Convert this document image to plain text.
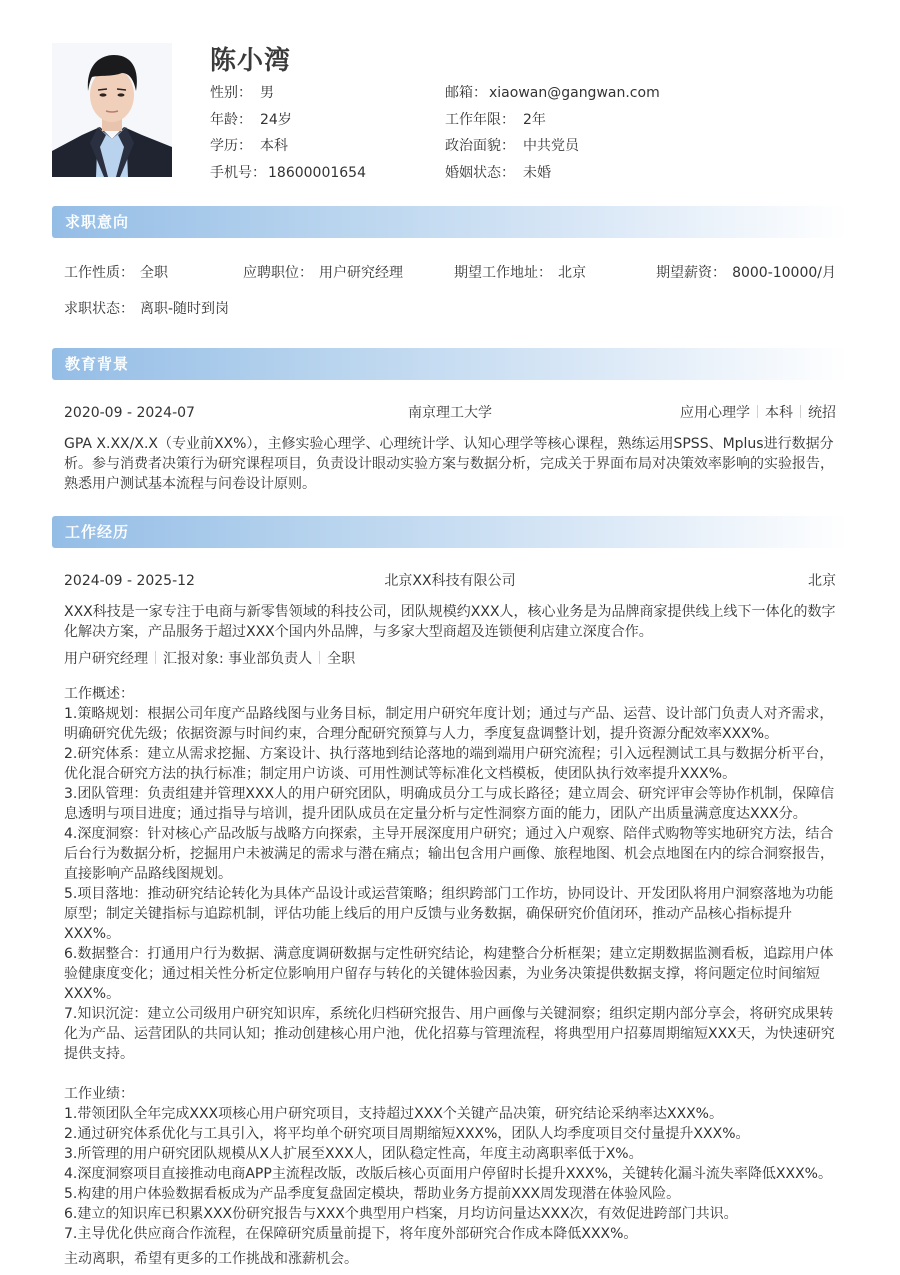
陈小湾
性别： 男
年龄： 24岁
学历： 本科
手机号： 18600001654
邮箱： xiaowan@gangwan.com
工作年限： 2年
政治面貌： 中共党员
婚姻状态： 未婚
求职意向
工作性质： 全职	应聘职位： 用户研究经理	期望工作地址： 北京	期望薪资： 8000-10000/月
求职状态： 离职-随时到岗
教育背景
2020-09 - 2024-07	南京理工大学	应用心理学 本科 统招
GPA X.XX/X.X（专业前XX%），主修实验心理学、心理统计学、认知心理学等核心课程，熟练运用SPSS、Mplus进行数据分
析。参与消费者决策行为研究课程项目，负责设计眼动实验方案与数据分析，完成关于界面布局对决策效率影响的实验报告，
熟悉用户测试基本流程与问卷设计原则。
工作经历
2024-09 - 2025-12	北京XX科技有限公司	北京
XXX科技是一家专注于电商与新零售领域的科技公司，团队规模约XXX人，核心业务是为品牌商家提供线上线下一体化的数字
化解决方案，产品服务于超过XXX个国内外品牌，与多家大型商超及连锁便利店建立深度合作。
用户研究经理 汇报对象: 事业部负责人 全职
工作概述：
1.策略规划：根据公司年度产品路线图与业务目标，制定用户研究年度计划；通过与产品、运营、设计部门负责人对齐需求，
明确研究优先级；依据资源与时间约束，合理分配研究预算与人力，季度复盘调整计划，提升资源分配效率XXX%。
2.研究体系：建立从需求挖掘、方案设计、执行落地到结论落地的端到端用户研究流程；引入远程测试工具与数据分析平台，
优化混合研究方法的执行标准；制定用户访谈、可用性测试等标准化文档模板，使团队执行效率提升XXX%。
3.团队管理：负责组建并管理XXX人的用户研究团队，明确成员分工与成长路径；建立周会、研究评审会等协作机制，保障信
息透明与项目进度；通过指导与培训，提升团队成员在定量分析与定性洞察方面的能力，团队产出质量满意度达XXX分。
4.深度洞察：针对核心产品改版与战略方向探索，主导开展深度用户研究；通过入户观察、陪伴式购物等实地研究方法，结合
后台行为数据分析，挖掘用户未被满足的需求与潜在痛点；输出包含用户画像、旅程地图、机会点地图在内的综合洞察报告，
直接影响产品路线图规划。
5.项目落地：推动研究结论转化为具体产品设计或运营策略；组织跨部门工作坊，协同设计、开发团队将用户洞察落地为功能
原型；制定关键指标与追踪机制，评估功能上线后的用户反馈与业务数据，确保研究价值闭环，推动产品核心指标提升
XXX%。
6.数据整合：打通用户行为数据、满意度调研数据与定性研究结论，构建整合分析框架；建立定期数据监测看板，追踪用户体
验健康度变化；通过相关性分析定位影响用户留存与转化的关键体验因素，为业务决策提供数据支撑，将问题定位时间缩短
XXX%。
7.知识沉淀：建立公司级用户研究知识库，系统化归档研究报告、用户画像与关键洞察；组织定期内部分享会，将研究成果转
化为产品、运营团队的共同认知；推动创建核心用户池，优化招募与管理流程，将典型用户招募周期缩短XXX天，为快速研究
提供支持。
工作业绩：
1.带领团队全年完成XXX项核心用户研究项目，支持超过XXX个关键产品决策，研究结论采纳率达XXX%。
2.通过研究体系优化与工具引入，将平均单个研究项目周期缩短XXX%，团队人均季度项目交付量提升XXX%。
3.所管理的用户研究团队规模从X人扩展至XXX人，团队稳定性高，年度主动离职率低于X%。
4.深度洞察项目直接推动电商APP主流程改版，改版后核心页面用户停留时长提升XXX%，关键转化漏斗流失率降低XXX%。
5.构建的用户体验数据看板成为产品季度复盘固定模块，帮助业务方提前XXX周发现潜在体验风险。
6.建立的知识库已积累XXX份研究报告与XXX个典型用户档案，月均访问量达XXX次，有效促进跨部门共识。
7.主导优化供应商合作流程，在保障研究质量前提下，将年度外部研究合作成本降低XXX%。
主动离职，希望有更多的工作挑战和涨薪机会。
